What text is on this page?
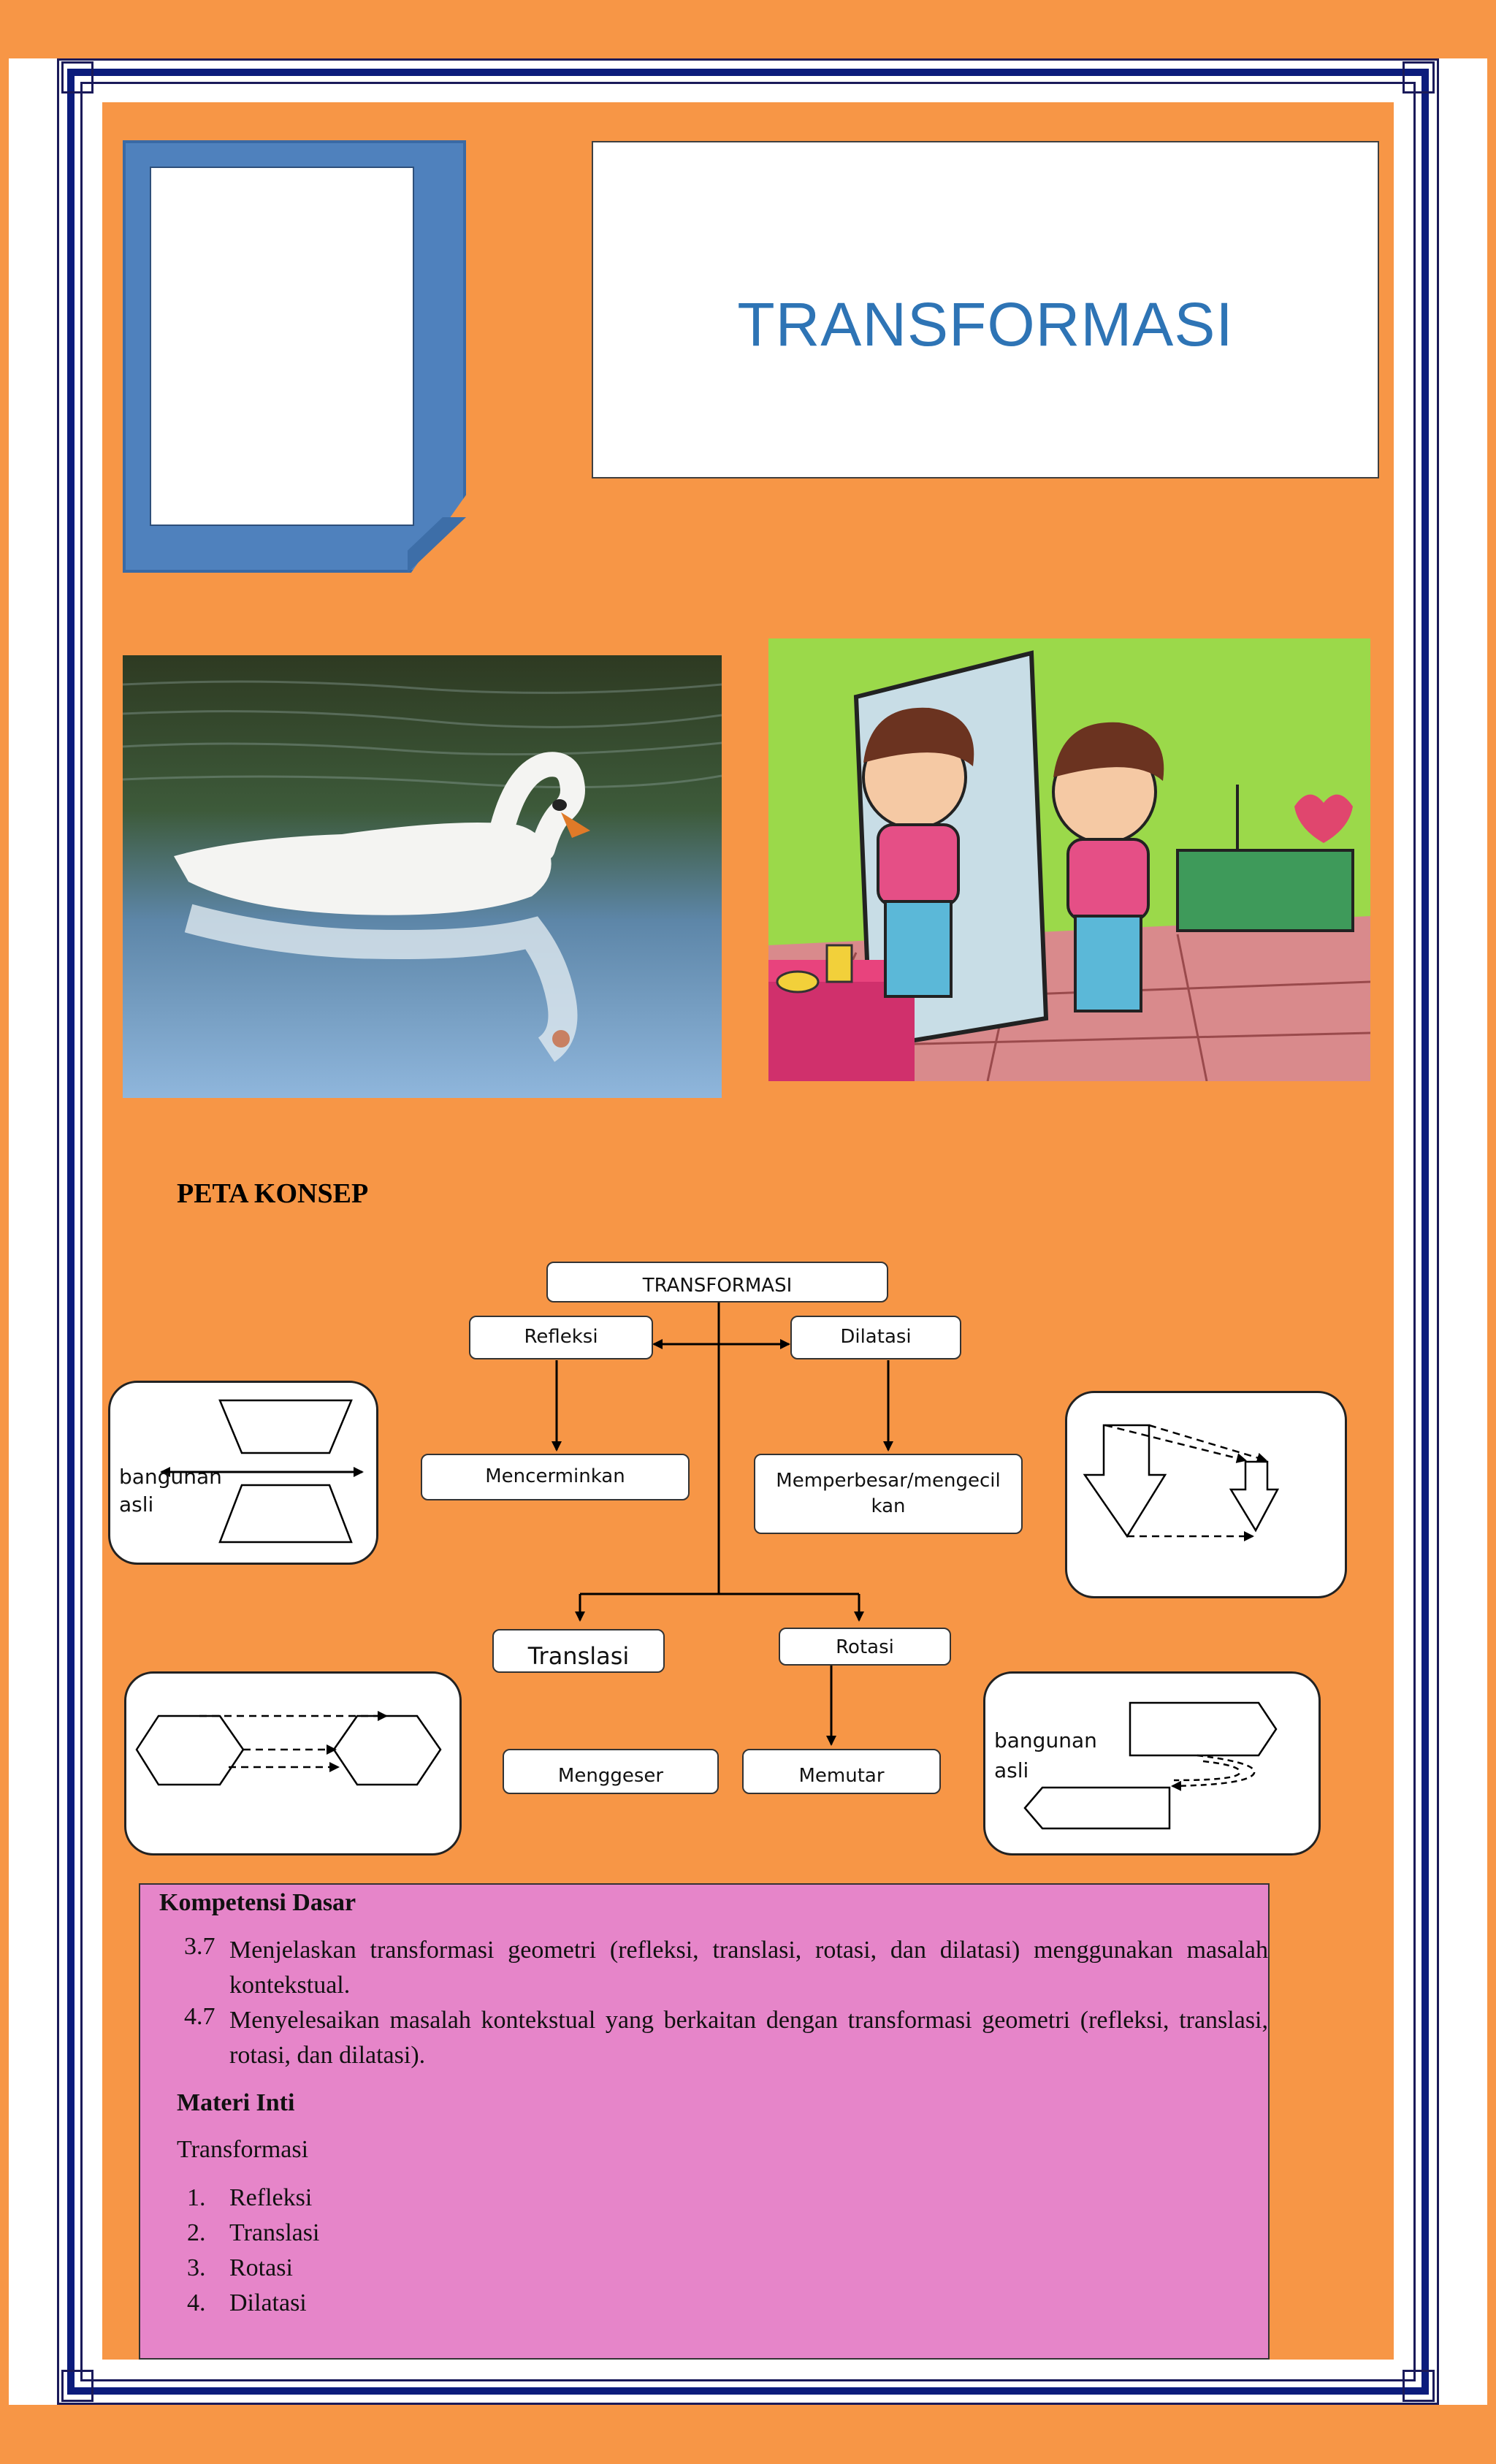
TRANSFORMASI
PETA KONSEP
TRANSFORMASI
Refleksi	Dilatasi
Mencerminkan	Memperbesar/mengecil kan
Translasi	Rotasi
Menggeser	Memutar
bangunan asli
bangunan asli
Kompetensi Dasar
3.7 Menjelaskan transformasi geometri (refleksi, translasi, rotasi, dan dilatasi) menggunakan masalah kontekstual.
4.7 Menyelesaikan masalah kontekstual yang berkaitan dengan transformasi geometri (refleksi, translasi, rotasi, dan dilatasi).
Materi Inti
Transformasi
1. Refleksi
2. Translasi
3. Rotasi
4. Dilatasi
